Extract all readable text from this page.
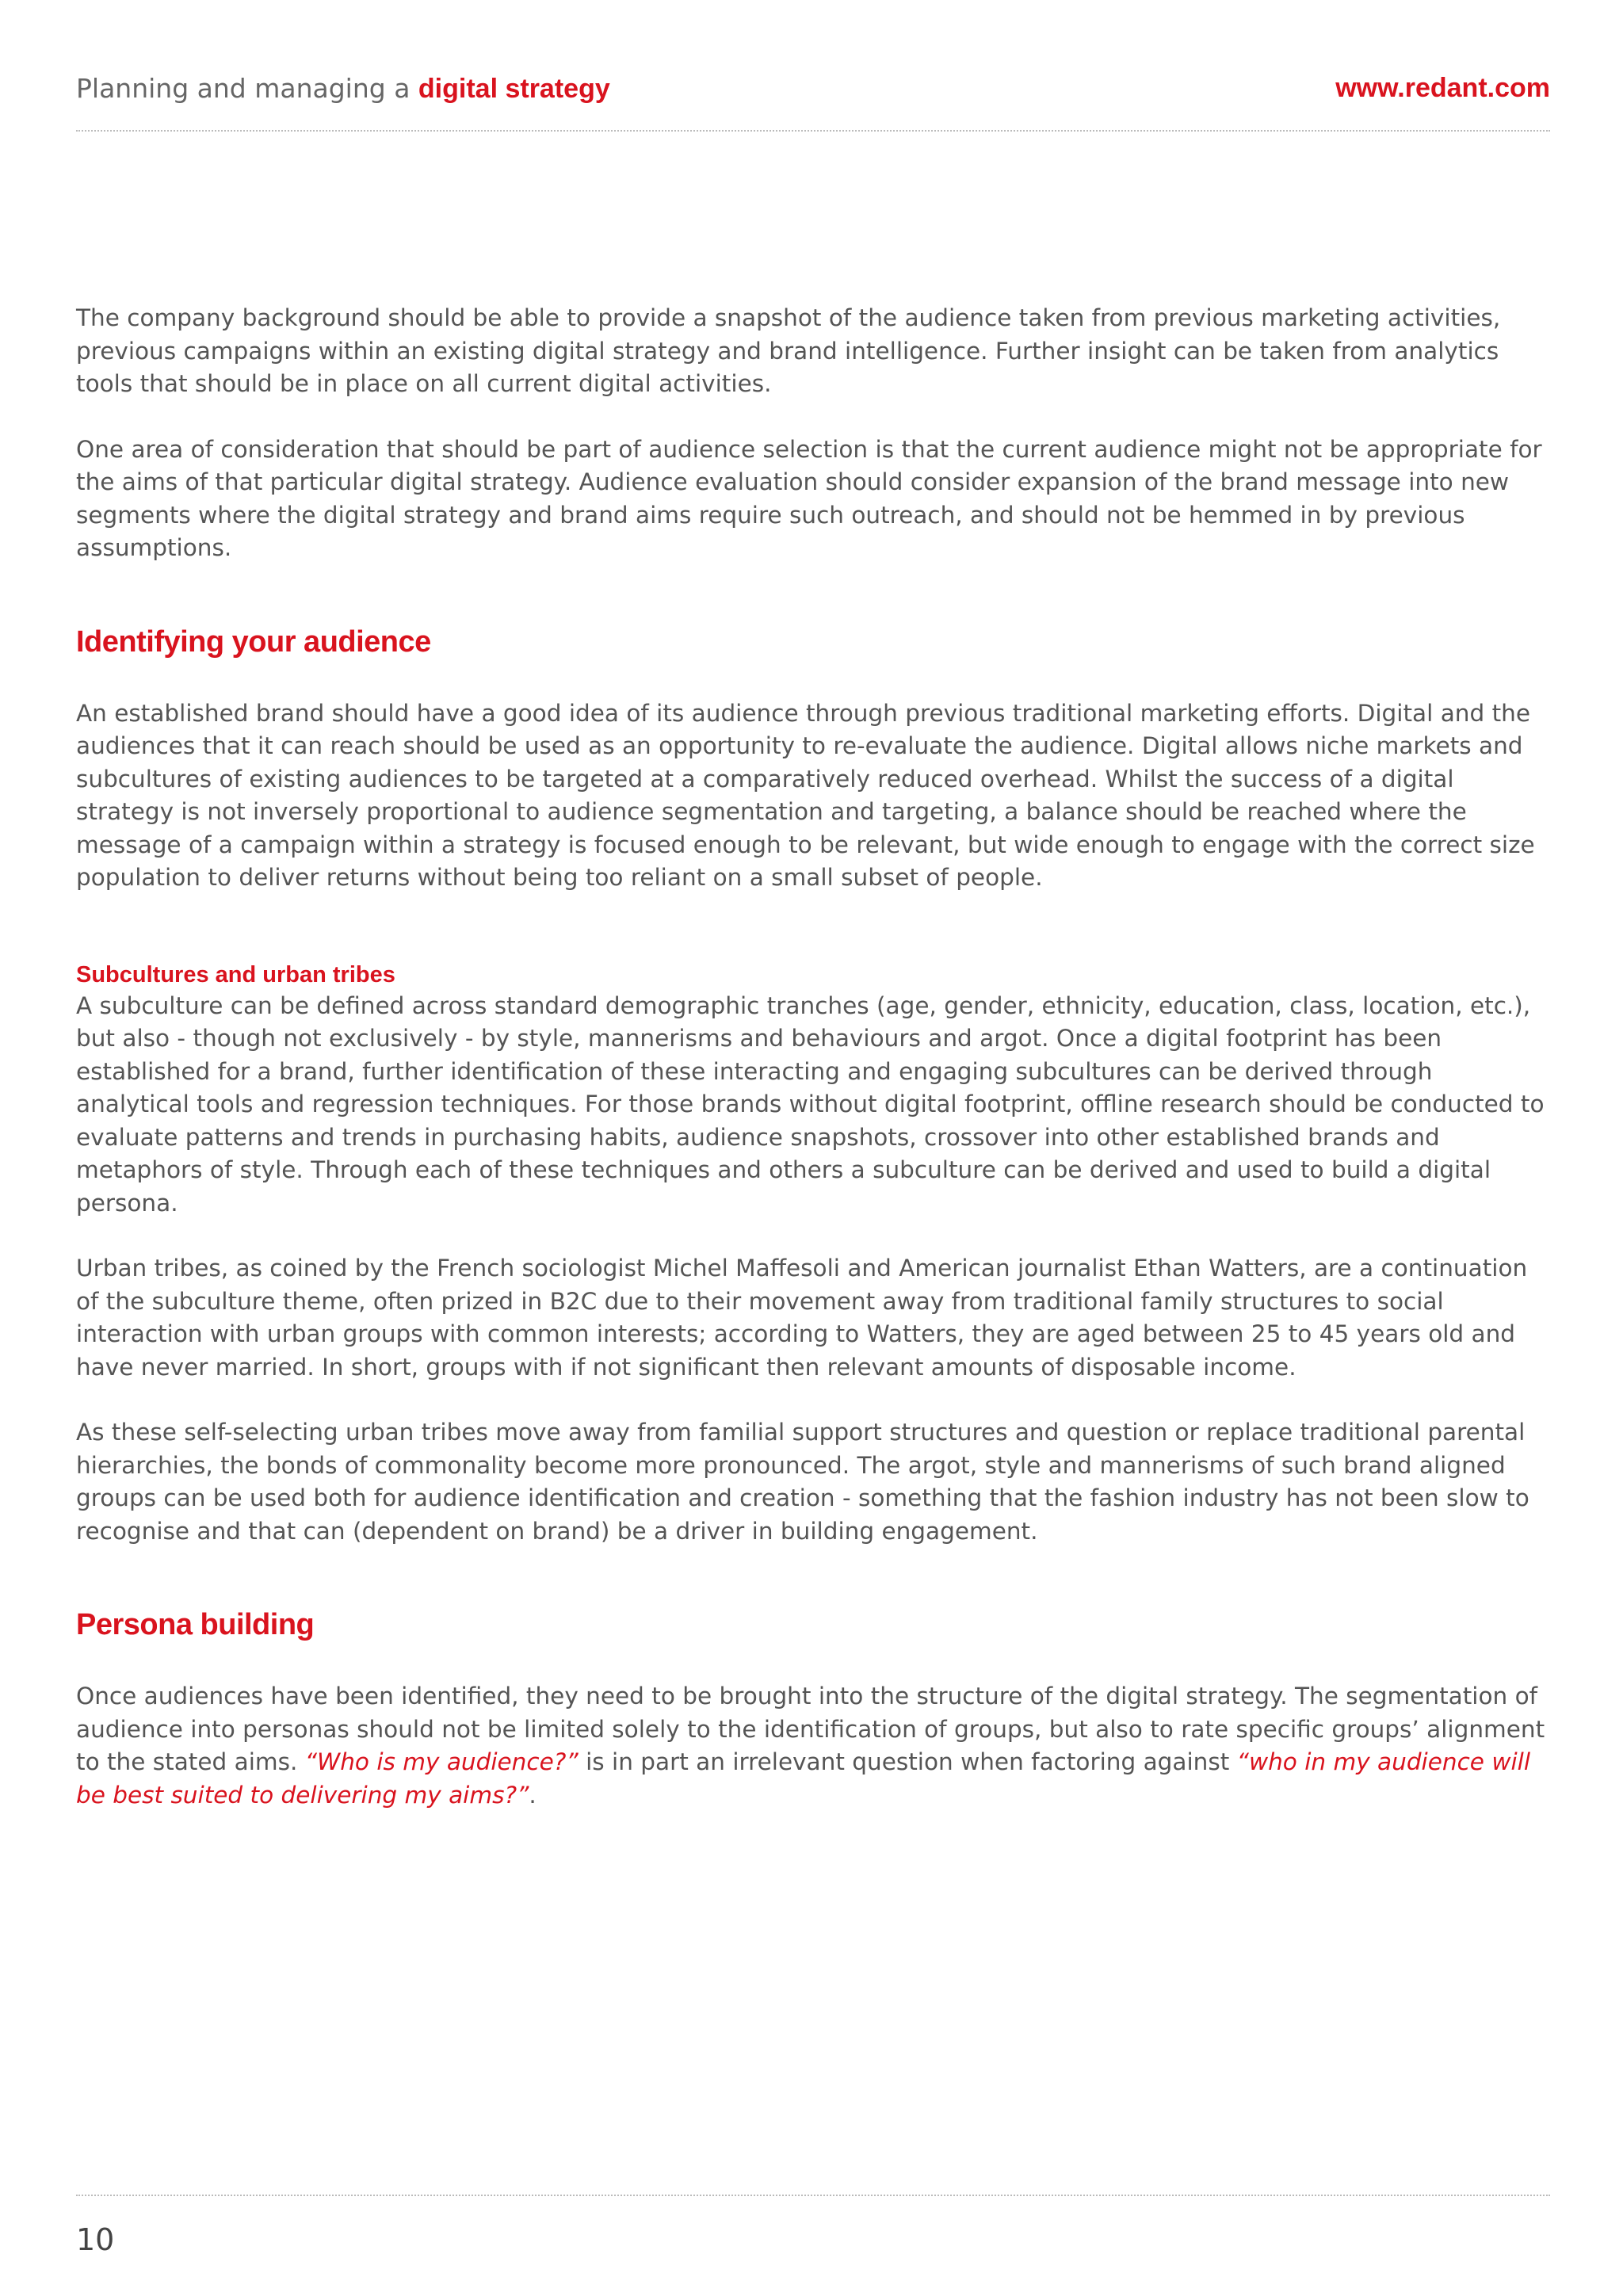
Planning and managing a digital strategy	www.redant.com

The company background should be able to provide a snapshot of the audience taken from previous marketing activities, previous campaigns within an existing digital strategy and brand intelligence. Further insight can be taken from analytics tools that should be in place on all current digital activities.

One area of consideration that should be part of audience selection is that the current audience might not be appropriate for the aims of that particular digital strategy. Audience evaluation should consider expansion of the brand message into new segments where the digital strategy and brand aims require such outreach, and should not be hemmed in by previous assumptions.

Identifying your audience

An established brand should have a good idea of its audience through previous traditional marketing efforts. Digital and the audiences that it can reach should be used as an opportunity to re-evaluate the audience. Digital allows niche markets and subcultures of existing audiences to be targeted at a comparatively reduced overhead. Whilst the success of a digital strategy is not inversely proportional to audience segmentation and targeting, a balance should be reached where the message of a campaign within a strategy is focused enough to be relevant, but wide enough to engage with the correct size population to deliver returns without being too reliant on a small subset of people.

Subcultures and urban tribes

A subculture can be defined across standard demographic tranches (age, gender, ethnicity, education, class, location, etc.), but also - though not exclusively - by style, mannerisms and behaviours and argot. Once a digital footprint has been established for a brand, further identification of these interacting and engaging subcultures can be derived through analytical tools and regression techniques. For those brands without digital footprint, offline research should be conducted to evaluate patterns and trends in purchasing habits, audience snapshots, crossover into other established brands and metaphors of style. Through each of these techniques and others a subculture can be derived and used to build a digital persona.

Urban tribes, as coined by the French sociologist Michel Maffesoli and American journalist Ethan Watters, are a continuation of the subculture theme, often prized in B2C due to their movement away from traditional family structures to social interaction with urban groups with common interests; according to Watters, they are aged between 25 to 45 years old and have never married. In short, groups with if not significant then relevant amounts of disposable income.

As these self-selecting urban tribes move away from familial support structures and question or replace traditional parental hierarchies, the bonds of commonality become more pronounced. The argot, style and mannerisms of such brand aligned groups can be used both for audience identification and creation - something that the fashion industry has not been slow to recognise and that can (dependent on brand) be a driver in building engagement.

Persona building

Once audiences have been identified, they need to be brought into the structure of the digital strategy. The segmentation of audience into personas should not be limited solely to the identification of groups, but also to rate specific groups’ alignment to the stated aims. “Who is my audience?” is in part an irrelevant question when factoring against “who in my audience will be best suited to delivering my aims?”.

10
